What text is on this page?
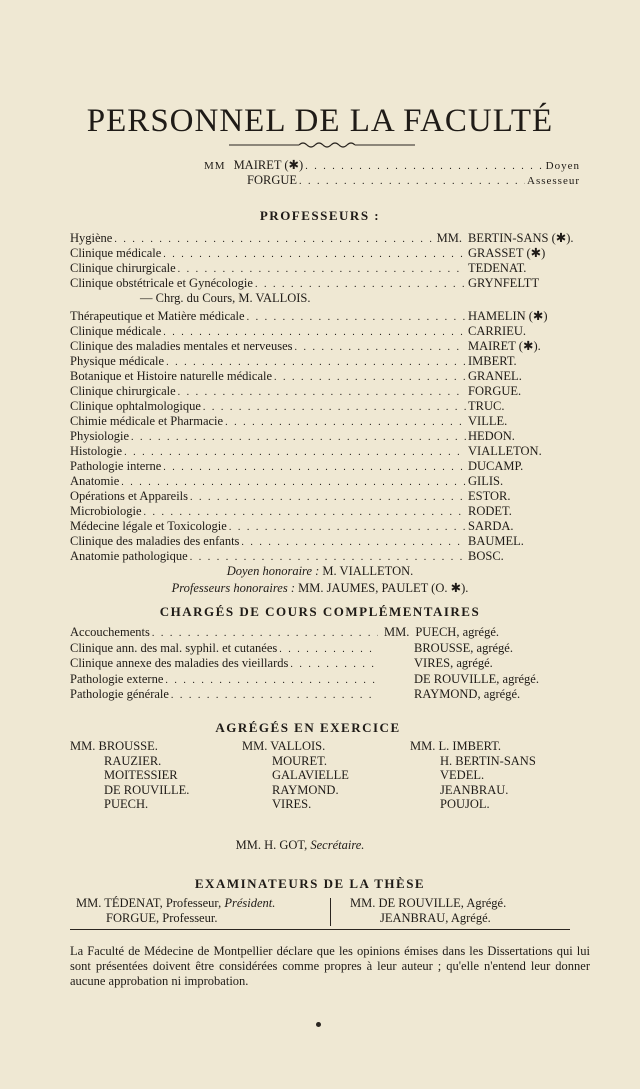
PERSONNEL DE LA FACULTÉ
MM MAIRET (✱) . . .	Doyen
FORGUE . . .	Assesseur
PROFESSEURS :
Hygiène . . .	MM. BERTIN-SANS (✱).
Clinique médicale . . .	GRASSET (✱)
Clinique chirurgicale . . .	TEDENAT.
Clinique obstétricale et Gynécologie . . .	GRYNFELTT
— Chrg. du Cours, M. VALLOIS.
Thérapeutique et Matière médicale . . .	HAMELIN (✱)
Clinique médicale . . .	CARRIEU.
Clinique des maladies mentales et nerveuses . . .	MAIRET (✱).
Physique médicale . . .	IMBERT.
Botanique et Histoire naturelle médicale . . .	GRANEL.
Clinique chirurgicale . . .	FORGUE.
Clinique ophtalmologique . . .	TRUC.
Chimie médicale et Pharmacie . . .	VILLE.
Physiologie . . .	HEDON.
Histologie . . .	VIALLETON.
Pathologie interne . . .	DUCAMP.
Anatomie . . .	GILIS.
Opérations et Appareils . . .	ESTOR.
Microbiologie . . .	RODET.
Médecine légale et Toxicologie . . .	SARDA.
Clinique des maladies des enfants . . .	BAUMEL.
Anatomie pathologique . . .	BOSC.
Doyen honoraire : M. VIALLETON.
Professeurs honoraires : MM. JAUMES, PAULET (O. ✱).
CHARGÉS DE COURS COMPLÉMENTAIRES
Accouchements . . .	MM. PUECH, agrégé.
Clinique ann. des mal. syphil. et cutanées . . .	BROUSSE, agrégé.
Clinique annexe des maladies des vieillards . . .	VIRES, agrégé.
Pathologie externe . . .	DE ROUVILLE, agrégé.
Pathologie générale . . .	RAYMOND, agrégé.
AGRÉGÉS EN EXERCICE
MM. BROUSSE.
RAUZIER.
MOITESSIER
DE ROUVILLE.
PUECH.
MM. VALLOIS.
MOURET.
GALAVIELLE
RAYMOND.
VIRES.
MM. L. IMBERT.
H. BERTIN-SANS
VEDEL.
JEANBRAU.
POUJOL.
MM. H. GOT, Secrétaire.
EXAMINATEURS DE LA THÈSE
MM. TÉDENAT, Professeur, Président.
FORGUE, Professeur.
MM. DE ROUVILLE, Agrégé.
JEANBRAU, Agrégé.
La Faculté de Médecine de Montpellier déclare que les opinions émises dans les Dissertations qui lui sont présentées doivent être considérées comme propres à leur auteur ; qu'elle n'entend leur donner aucune approbation ni improbation.
